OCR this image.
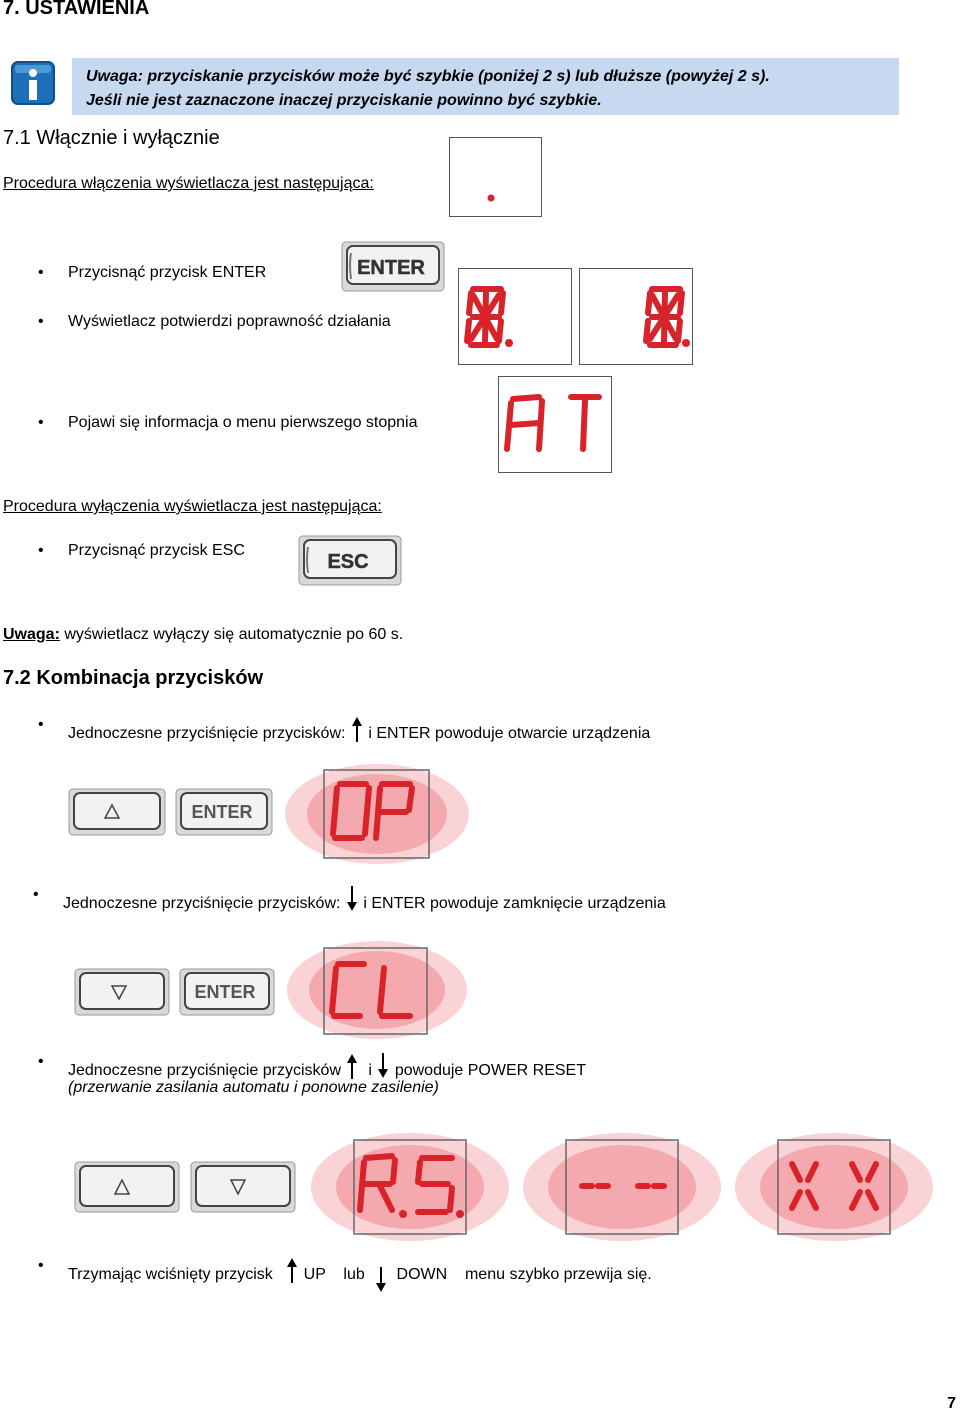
7. USTAWIENIA
Uwaga: przyciskanie przycisków może być szybkie (poniżej 2 s) lub dłuższe (powyżej 2 s).
Jeśli nie jest zaznaczone inaczej przyciskanie powinno być szybkie.
7.1 Włącznie i wyłącznie
Procedura włączenia wyświetlacza jest następująca:
• Przycisnąć przycisk ENTER	ENTER
• Wyświetlacz potwierdzi poprawność działania
• Pojawi się informacja o menu pierwszego stopnia
AT
Procedura wyłączenia wyświetlacza jest następująca:
• Przycisnąć przycisk ESC
ESC
Uwaga: wyświetlacz wyłączy się automatycznie po 60 s.
7.2 Kombinacja przycisków
• Jednoczesne przyciśnięcie przycisków: i ENTER powoduje otwarcie urządzenia
ENTER
OP
• Jednoczesne przyciśnięcie przycisków: i ENTER powoduje zamknięcie urządzenia
ENTER
CL
• Jednoczesne przyciśnięcie przycisków i powoduje POWER RESET
(przerwanie zasilania automatu i ponowne zasilenie)
R.S.	-- --	X X
• Trzymając wciśnięty przycisk UP lub DOWN menu szybko przewija się.
7
